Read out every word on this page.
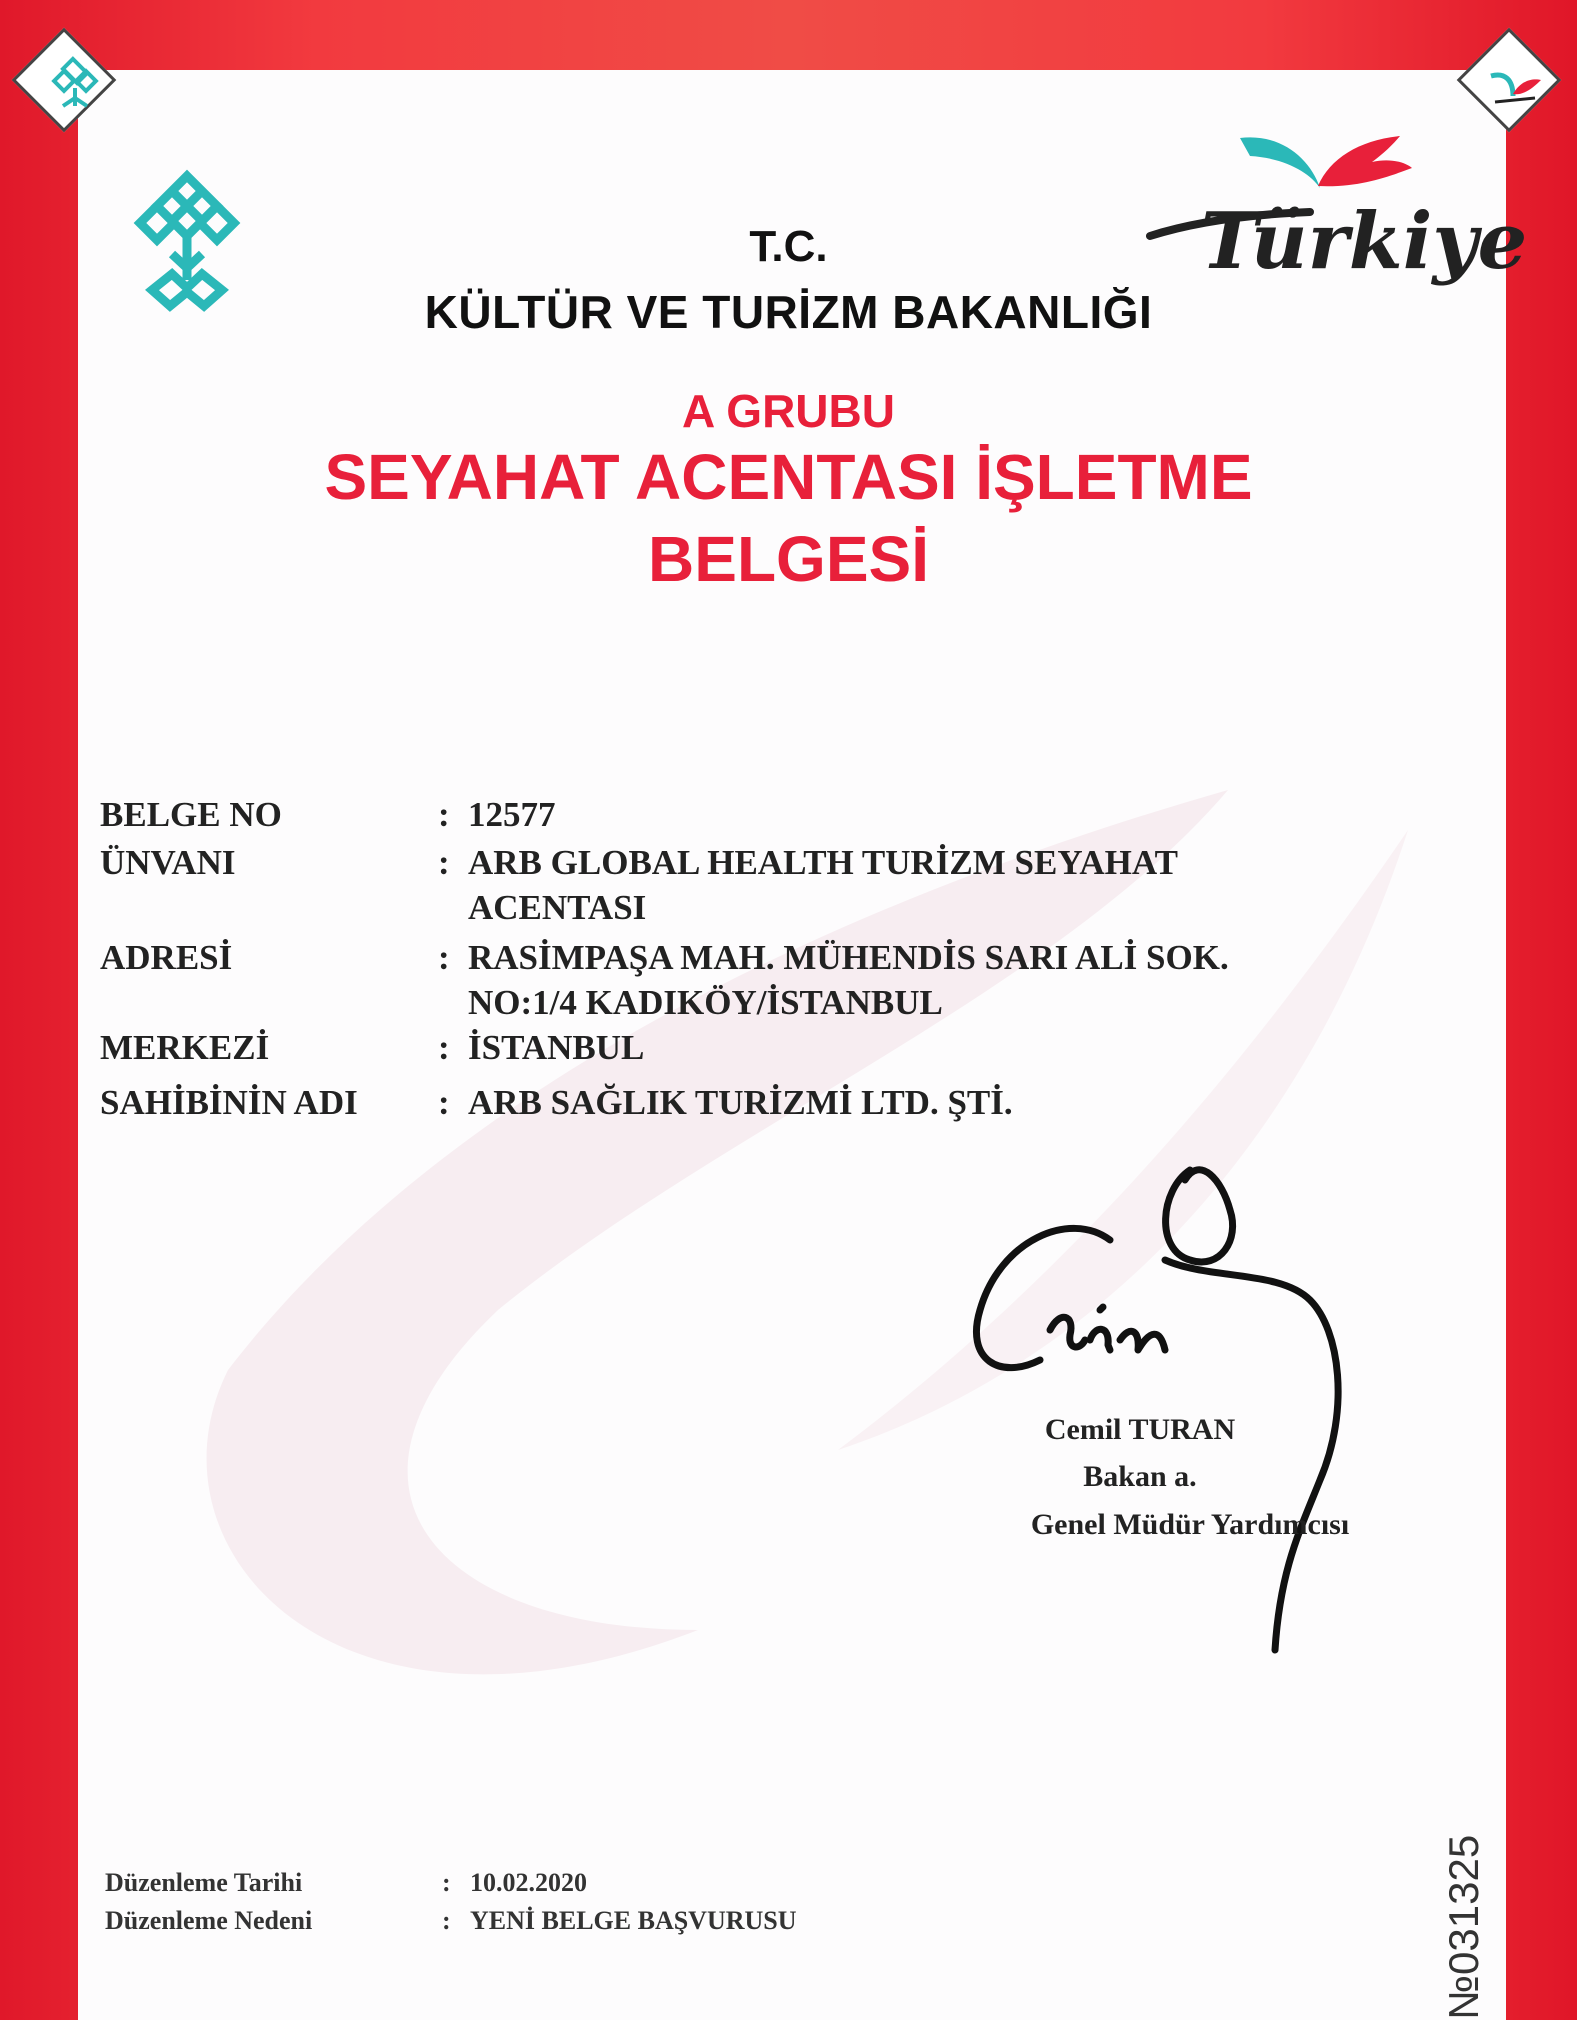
Türkiye
T.C.
KÜLTÜR VE TURİZM BAKANLIĞI
A GRUBU
SEYAHAT ACENTASI İŞLETME
BELGESİ
BELGE NO	: 12577
ÜNVANI	: ARB GLOBAL HEALTH TURİZM SEYAHAT
ACENTASI
ADRESİ	: RASİMPAŞA MAH. MÜHENDİS SARI ALİ SOK.
NO:1/4 KADIKÖY/İSTANBUL
MERKEZİ	: İSTANBUL
SAHİBİNİN ADI : ARB SAĞLIK TURİZMİ LTD. ŞTİ.
Cemil TURAN
Bakan a.
Genel Müdür Yardımcısı
Düzenleme Tarihi	: 10.02.2020
Düzenleme Nedeni	: YENİ BELGE BAŞVURUSU	№031325
